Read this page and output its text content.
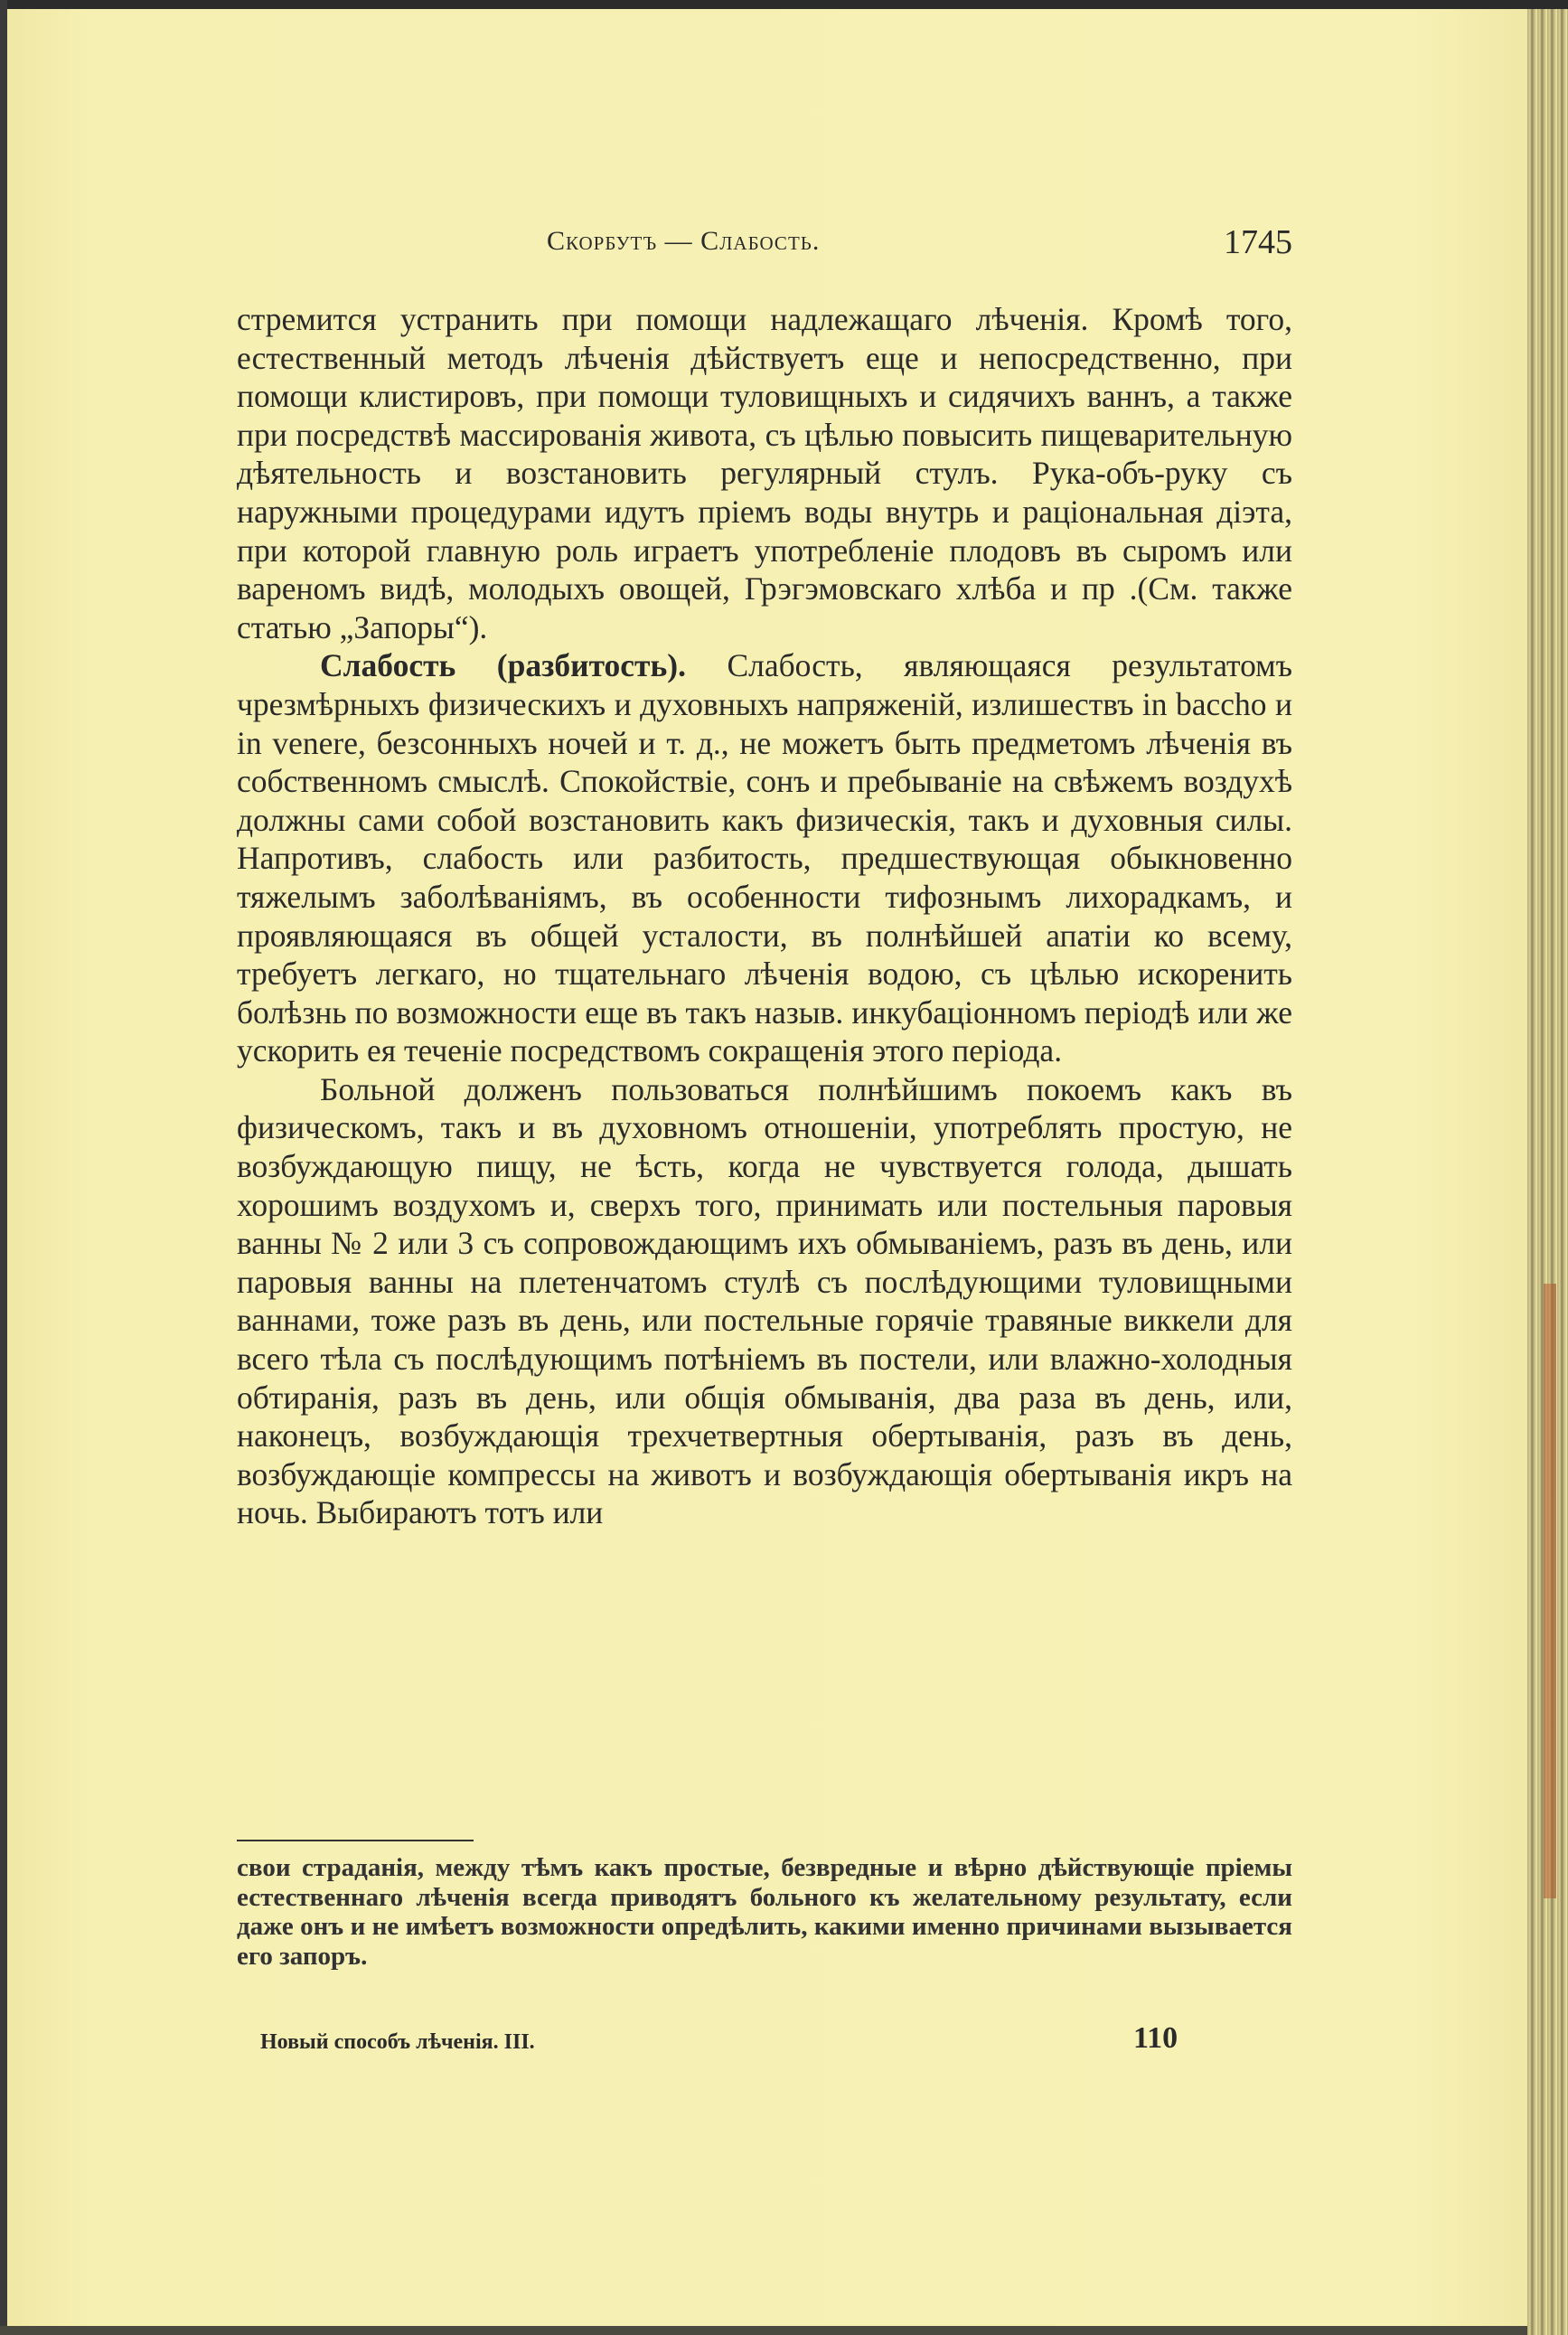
Скорбутъ — Слабость.	1745

стремится устранить при помощи надлежащаго лѣченія. Кромѣ того, естественный методъ лѣченія дѣйствуетъ еще и непосредственно, при помощи клистировъ, при помощи туловищныхъ и сидячихъ ваннъ, а также при посредствѣ массированія живота, съ цѣлью повысить пищеварительную дѣятельность и возстановить регулярный стулъ. Рука-объ-руку съ наружными процедурами идутъ пріемъ воды внутрь и раціональная діэта, при которой главную роль играетъ употребленіе плодовъ въ сыромъ или вареномъ видѣ, молодыхъ овощей, Грэгэмовскаго хлѣба и пр .(См. также статью „Запоры“).

Слабость (разбитость). Слабость, являющаяся результатомъ чрезмѣрныхъ физическихъ и духовныхъ напряженій, излишествъ in baccho и in venere, безсонныхъ ночей и т. д., не можетъ быть предметомъ лѣченія въ собственномъ смыслѣ. Спокойствіе, сонъ и пребываніе на свѣжемъ воздухѣ должны сами собой возстановить какъ физическія, такъ и духовныя силы. Напротивъ, слабость или разбитость, предшествующая обыкновенно тяжелымъ заболѣваніямъ, въ особенности тифознымъ лихорадкамъ, и проявляющаяся въ общей усталости, въ полнѣйшей апатіи ко всему, требуетъ легкаго, но тщательнаго лѣченія водою, съ цѣлью искоренить болѣзнь по возможности еще въ такъ назыв. инкубаціонномъ періодѣ или же ускорить ея теченіе посредствомъ сокращенія этого періода.

Больной долженъ пользоваться полнѣйшимъ покоемъ какъ въ физическомъ, такъ и въ духовномъ отношеніи, употреблять простую, не возбуждающую пищу, не ѣсть, когда не чувствуется голода, дышать хорошимъ воздухомъ и, сверхъ того, принимать или постельныя паровыя ванны № 2 или 3 съ сопровождающимъ ихъ обмываніемъ, разъ въ день, или паровыя ванны на плетенчатомъ стулѣ съ послѣдующими туловищными ваннами, тоже разъ въ день, или постельные горячіе травяные виккели для всего тѣла съ послѣдующимъ потѣніемъ въ постели, или влажно-холодныя обтиранія, разъ въ день, или общія обмыванія, два раза въ день, или, наконецъ, возбуждающія трехчетвертныя обертыванія, разъ въ день, возбуждающіе компрессы на животъ и возбуждающія обертыванія икръ на ночь. Выбираютъ тотъ или

свои страданія, между тѣмъ какъ простые, безвредные и вѣрно дѣйствующіе пріемы естественнаго лѣченія всегда приводятъ больного къ желательному результату, если даже онъ и не имѣетъ возможности опредѣлить, какими именно причинами вызывается его запоръ.
Новый способъ лѣченія. III.	110
